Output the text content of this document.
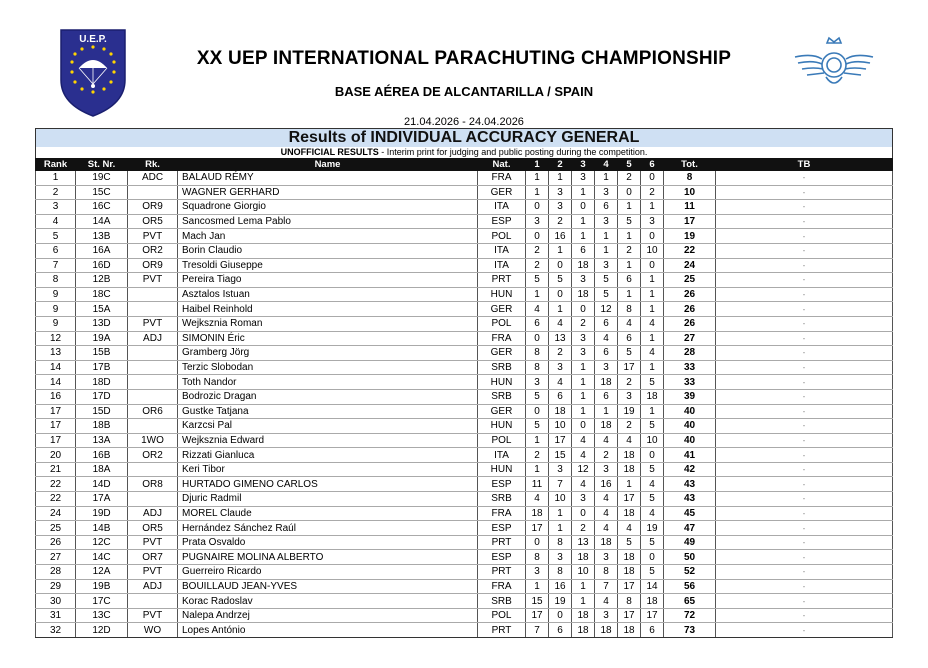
U.E.P.
XX UEP INTERNATIONAL PARACHUTING CHAMPIONSHIP
BASE AÉREA DE ALCANTARILLA / SPAIN
21.04.2026 - 24.04.2026
Results of INDIVIDUAL ACCURACY GENERAL
UNOFFICIAL RESULTS - Interim print for judging and public posting during the competition.
Rank	St. Nr.	Rk.	Name	Nat.	1	2	3	4	5	6	Tot.	TB
1	19C	ADC	BALAUD RÉMY	FRA	1	1	3	1	2	0	8	-
2	15C		WAGNER GERHARD	GER	1	3	1	3	0	2	10	-
3	16C	OR9	Squadrone Giorgio	ITA	0	3	0	6	1	1	11	-
4	14A	OR5	Sancosmed Lema Pablo	ESP	3	2	1	3	5	3	17	-
5	13B	PVT	Mach Jan	POL	0	16	1	1	1	0	19	-
6	16A	OR2	Borin Claudio	ITA	2	1	6	1	2	10	22	-
7	16D	OR9	Tresoldi Giuseppe	ITA	2	0	18	3	1	0	24	-
8	12B	PVT	Pereira Tiago	PRT	5	5	3	5	6	1	25	-
9	18C		Asztalos Istuan	HUN	1	0	18	5	1	1	26	-
9	15A		Haibel Reinhold	GER	4	1	0	12	8	1	26	-
9	13D	PVT	Wejksznia Roman	POL	6	4	2	6	4	4	26	-
12	19A	ADJ	SIMONIN Éric	FRA	0	13	3	4	6	1	27	-
13	15B		Gramberg Jörg	GER	8	2	3	6	5	4	28	-
14	17B		Terzic Slobodan	SRB	8	3	1	3	17	1	33	-
14	18D		Toth Nandor	HUN	3	4	1	18	2	5	33	-
16	17D		Bodrozic Dragan	SRB	5	6	1	6	3	18	39	-
17	15D	OR6	Gustke Tatjana	GER	0	18	1	1	19	1	40	-
17	18B		Karzcsi Pal	HUN	5	10	0	18	2	5	40	-
17	13A	1WO	Wejksznia Edward	POL	1	17	4	4	4	10	40	-
20	16B	OR2	Rizzati Gianluca	ITA	2	15	4	2	18	0	41	-
21	18A		Keri Tibor	HUN	1	3	12	3	18	5	42	-
22	14D	OR8	HURTADO GIMENO CARLOS	ESP	11	7	4	16	1	4	43	-
22	17A		Djuric Radmil	SRB	4	10	3	4	17	5	43	-
24	19D	ADJ	MOREL Claude	FRA	18	1	0	4	18	4	45	-
25	14B	OR5	Hernández Sánchez Raúl	ESP	17	1	2	4	4	19	47	-
26	12C	PVT	Prata Osvaldo	PRT	0	8	13	18	5	5	49	-
27	14C	OR7	PUGNAIRE MOLINA ALBERTO	ESP	8	3	18	3	18	0	50	-
28	12A	PVT	Guerreiro Ricardo	PRT	3	8	10	8	18	5	52	-
29	19B	ADJ	BOUILLAUD JEAN-YVES	FRA	1	16	1	7	17	14	56	-
30	17C		Korac Radoslav	SRB	15	19	1	4	8	18	65	-
31	13C	PVT	Nalepa Andrzej	POL	17	0	18	3	17	17	72	-
32	12D	WO	Lopes António	PRT	7	6	18	18	18	6	73	-
